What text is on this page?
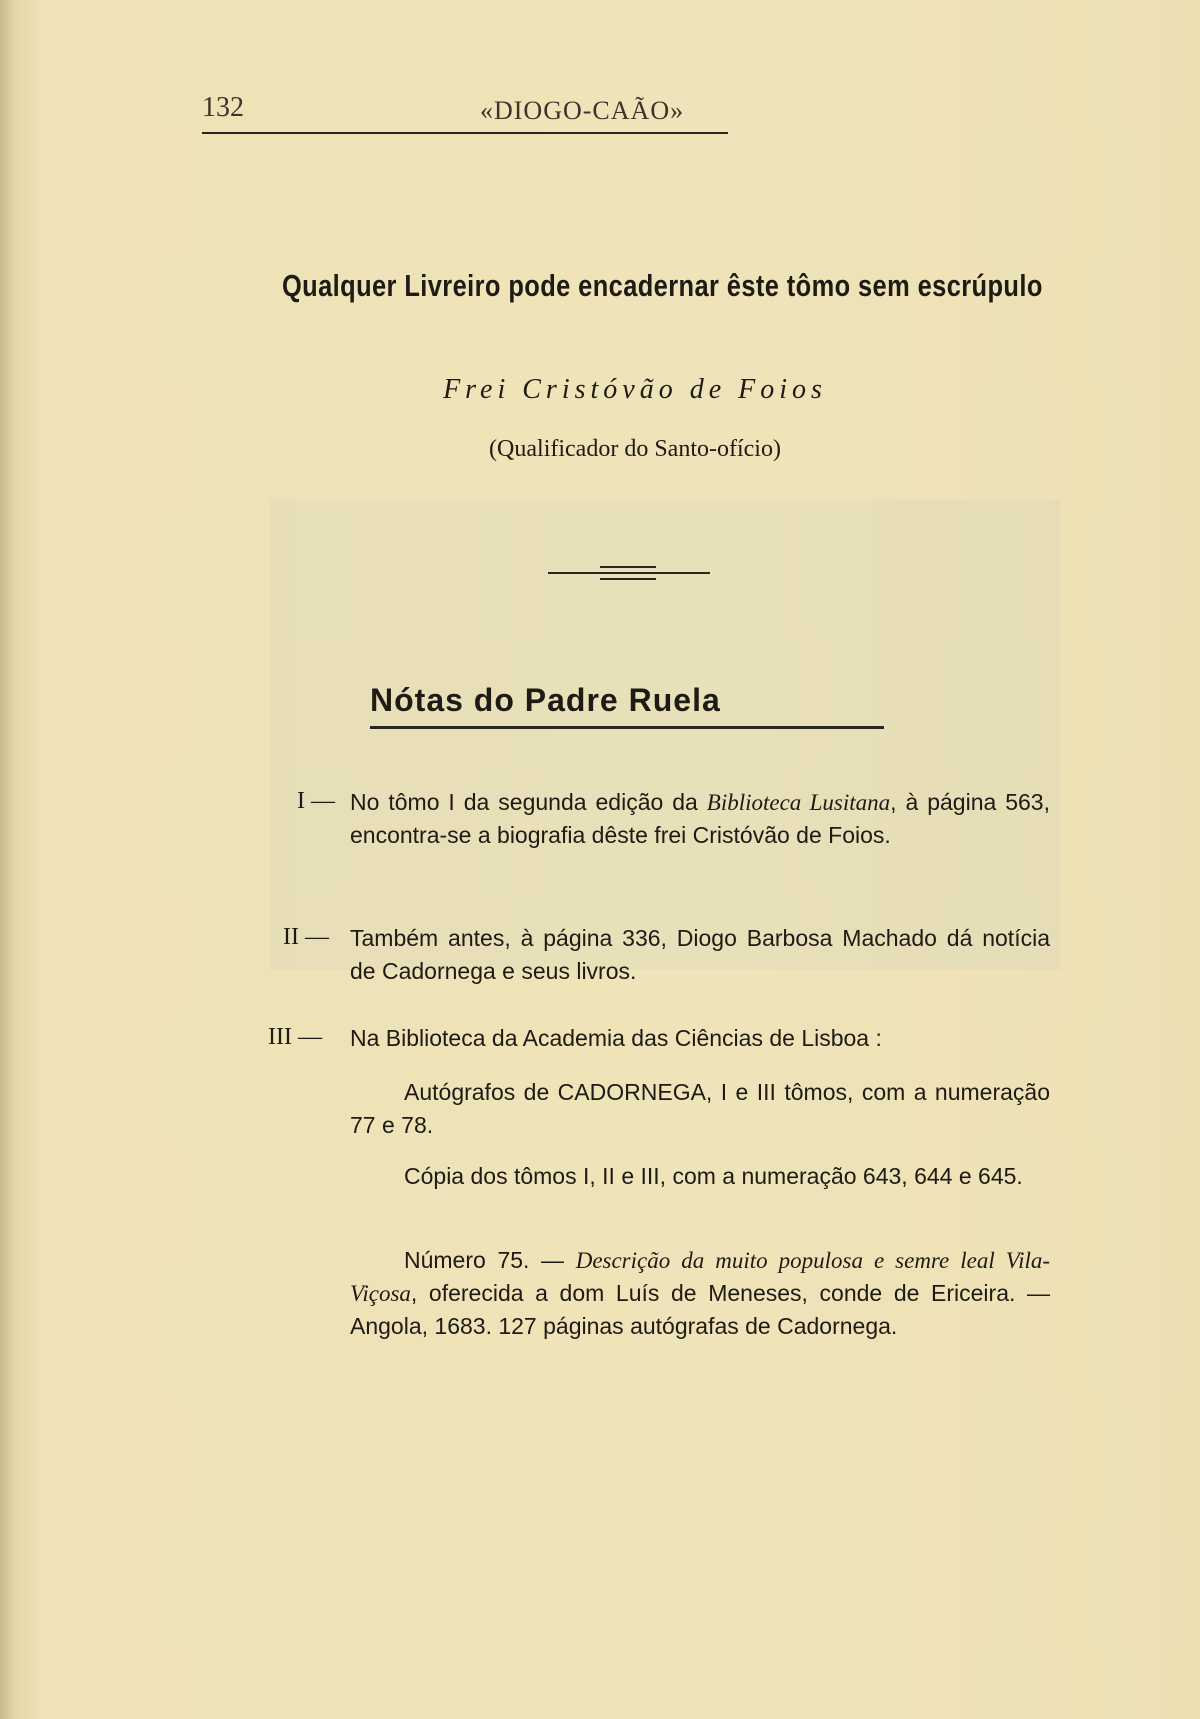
132	«DIOGO-CAÃO»
Qualquer Livreiro pode encadernar êste tômo sem escrúpulo
Frei Cristóvão de Foios
(Qualificador do Santo-ofício)
Nótas do Padre Ruela
I — No tômo I da segunda edição da Biblioteca Lusitana, à página 563, encontra-se a biografia dêste frei Cristóvão de Foios.
II — Também antes, à página 336, Diogo Barbosa Machado dá notícia de Cadornega e seus livros.
III — Na Biblioteca da Academia das Ciências de Lisboa :
Autógrafos de CADORNEGA, I e III tômos, com a numeração 77 e 78.
Cópia dos tômos I, II e III, com a numeração 643, 644 e 645.
Número 75. — Descrição da muito populosa e semre leal Vila-Viçosa, oferecida a dom Luís de Meneses, conde de Ericeira. — Angola, 1683. 127 páginas autógrafas de Cadornega.
